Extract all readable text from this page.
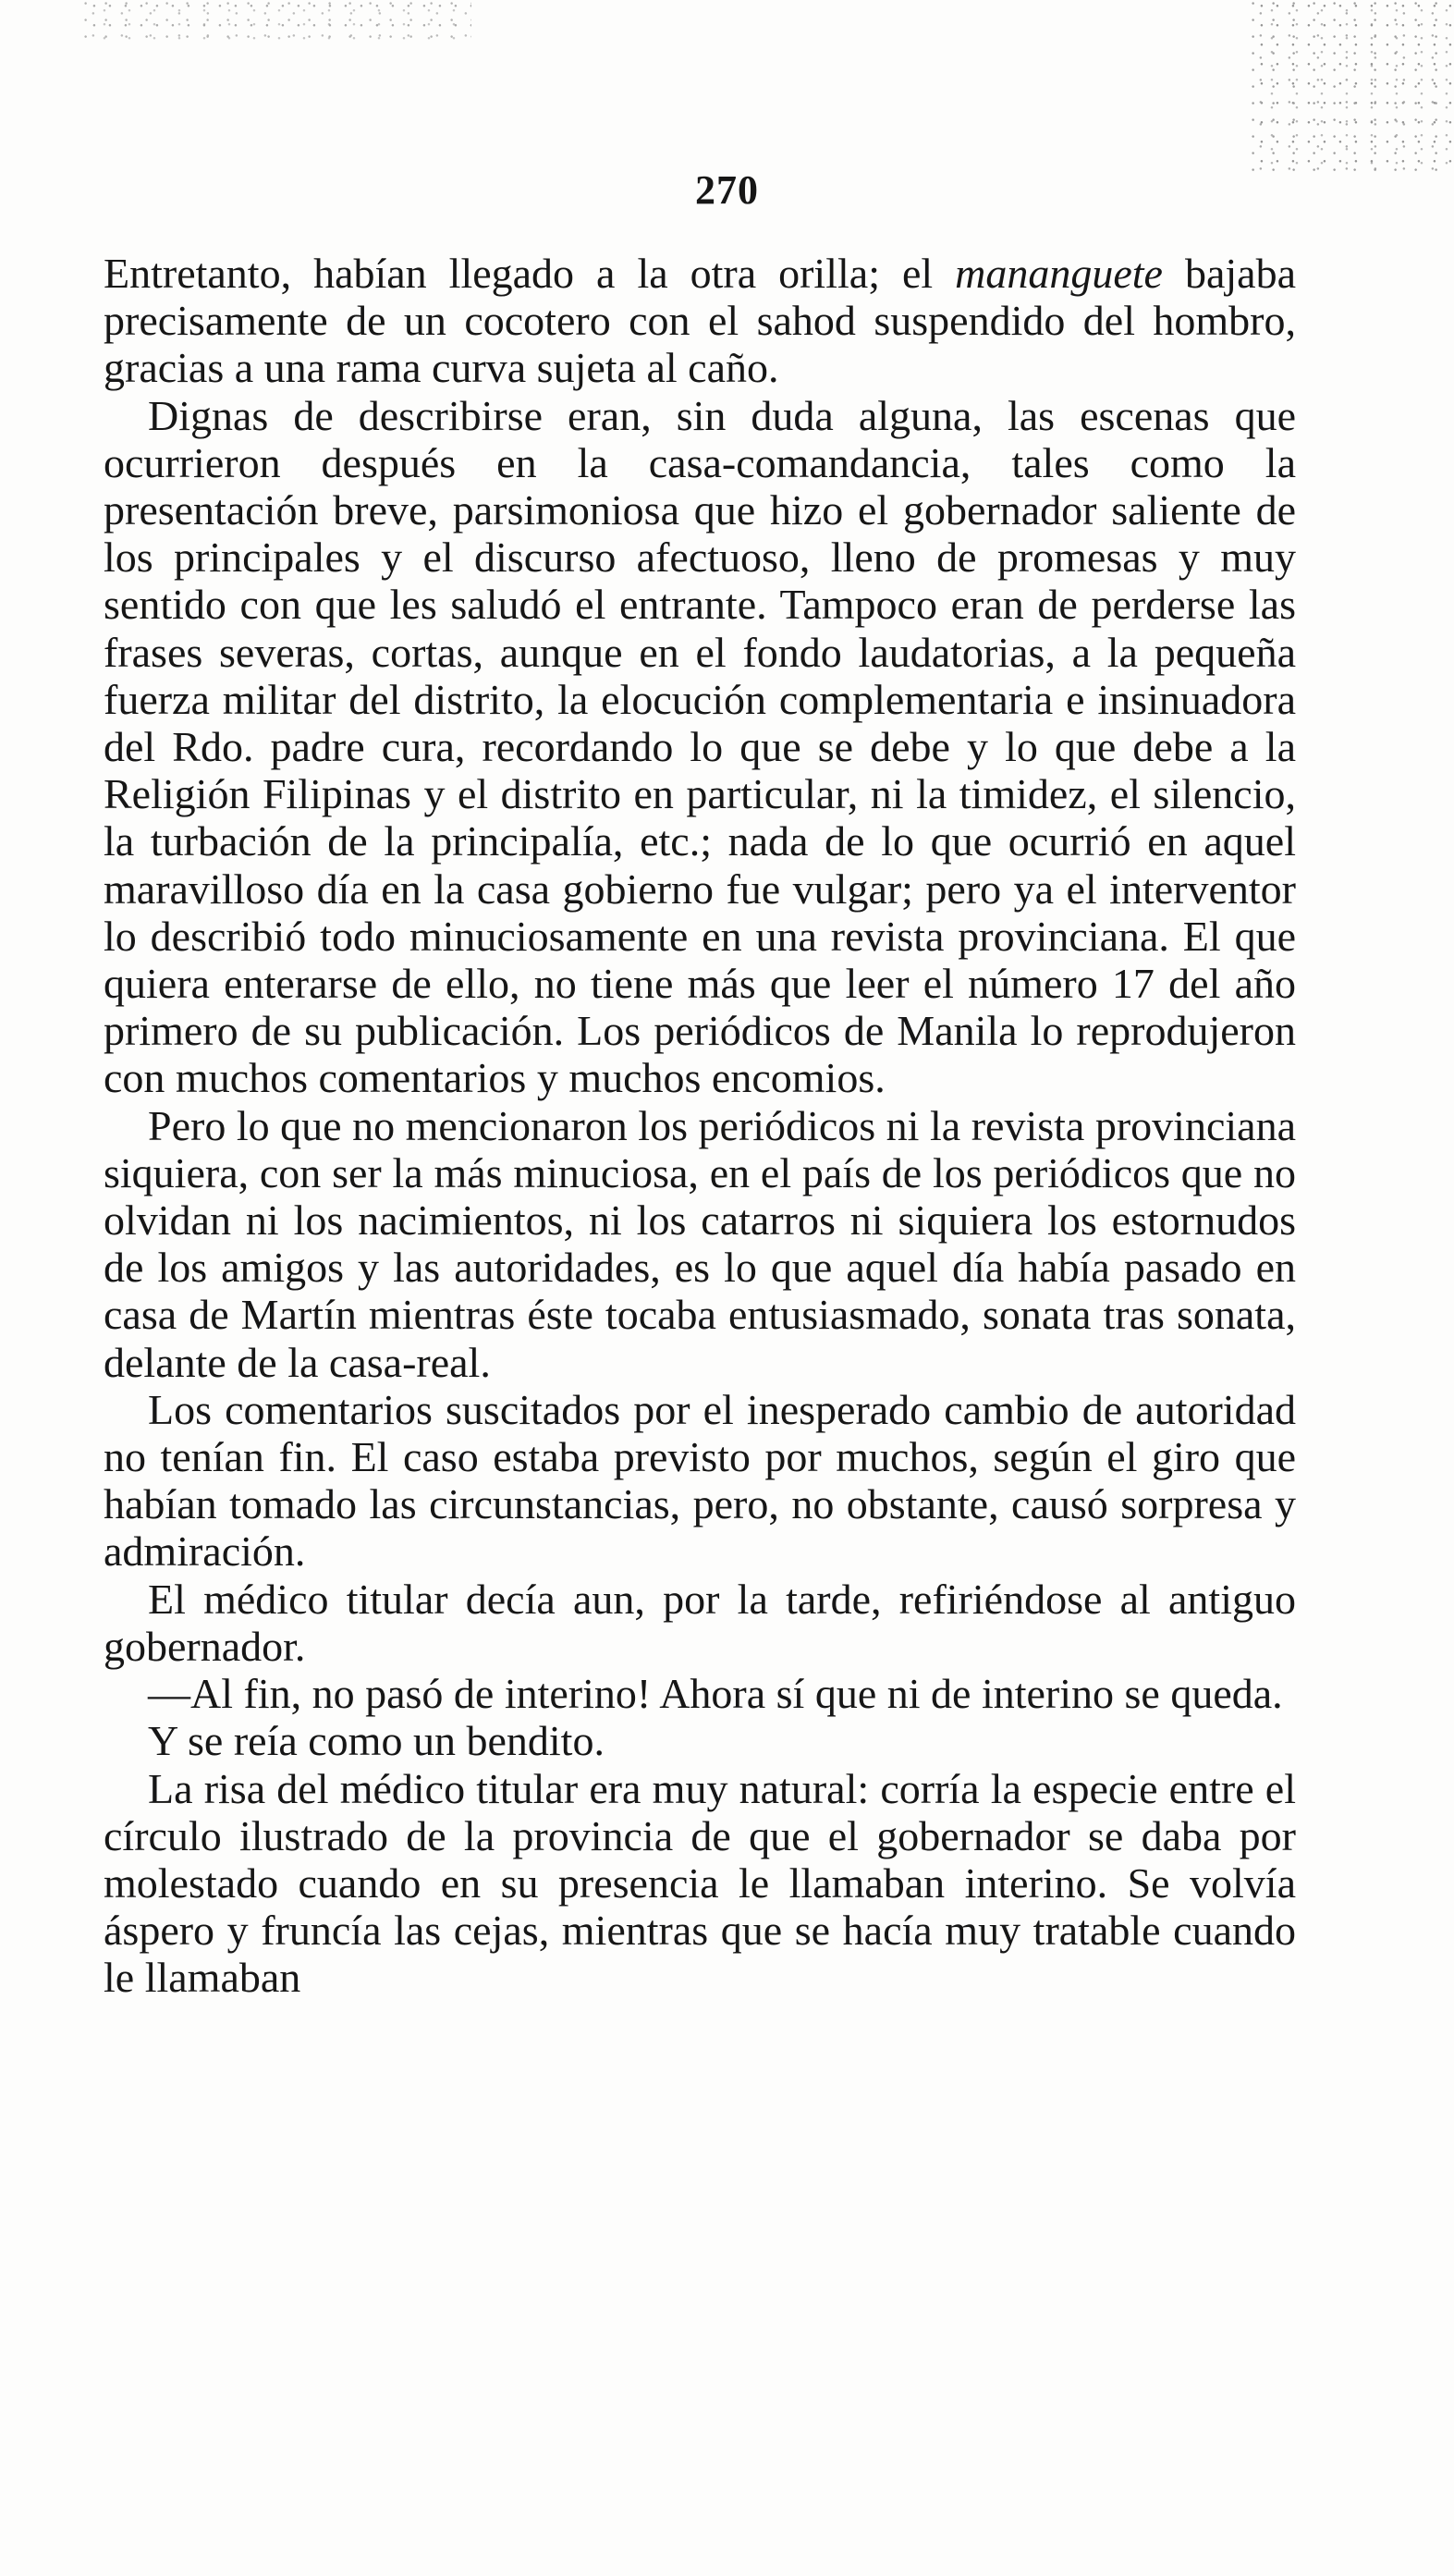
270

Entretanto, habían llegado a la otra orilla; el mananguete bajaba precisamente de un cocotero con el sahod suspendido del hombro, gracias a una rama curva sujeta al caño.

Dignas de describirse eran, sin duda alguna, las escenas que ocurrieron después en la casa-comandancia, tales como la presentación breve, parsimoniosa que hizo el gobernador saliente de los principales y el discurso afectuoso, lleno de promesas y muy sentido con que les saludó el entrante. Tampoco eran de perderse las frases severas, cortas, aunque en el fondo laudatorias, a la pequeña fuerza militar del distrito, la elocución complementaria e insinuadora del Rdo. padre cura, recordando lo que se debe y lo que debe a la Religión Filipinas y el distrito en particular, ni la timidez, el silencio, la turbación de la principalía, etc.; nada de lo que ocurrió en aquel maravilloso día en la casa gobierno fue vulgar; pero ya el interventor lo describió todo minuciosamente en una revista provinciana. El que quiera enterarse de ello, no tiene más que leer el número 17 del año primero de su publicación. Los periódicos de Manila lo reprodujeron con muchos comentarios y muchos encomios.

Pero lo que no mencionaron los periódicos ni la revista provinciana siquiera, con ser la más minuciosa, en el país de los periódicos que no olvidan ni los nacimientos, ni los catarros ni siquiera los estornudos de los amigos y las autoridades, es lo que aquel día había pasado en casa de Martín mientras éste tocaba entusiasmado, sonata tras sonata, delante de la casa-real.

Los comentarios suscitados por el inesperado cambio de autoridad no tenían fin. El caso estaba previsto por muchos, según el giro que habían tomado las circunstancias, pero, no obstante, causó sorpresa y admiración.

El médico titular decía aun, por la tarde, refiriéndose al antiguo gobernador.

—Al fin, no pasó de interino! Ahora sí que ni de interino se queda.

Y se reía como un bendito.

La risa del médico titular era muy natural: corría la especie entre el círculo ilustrado de la provincia de que el gobernador se daba por molestado cuando en su presencia le llamaban interino. Se volvía áspero y fruncía las cejas, mientras que se hacía muy tratable cuando le llamaban
